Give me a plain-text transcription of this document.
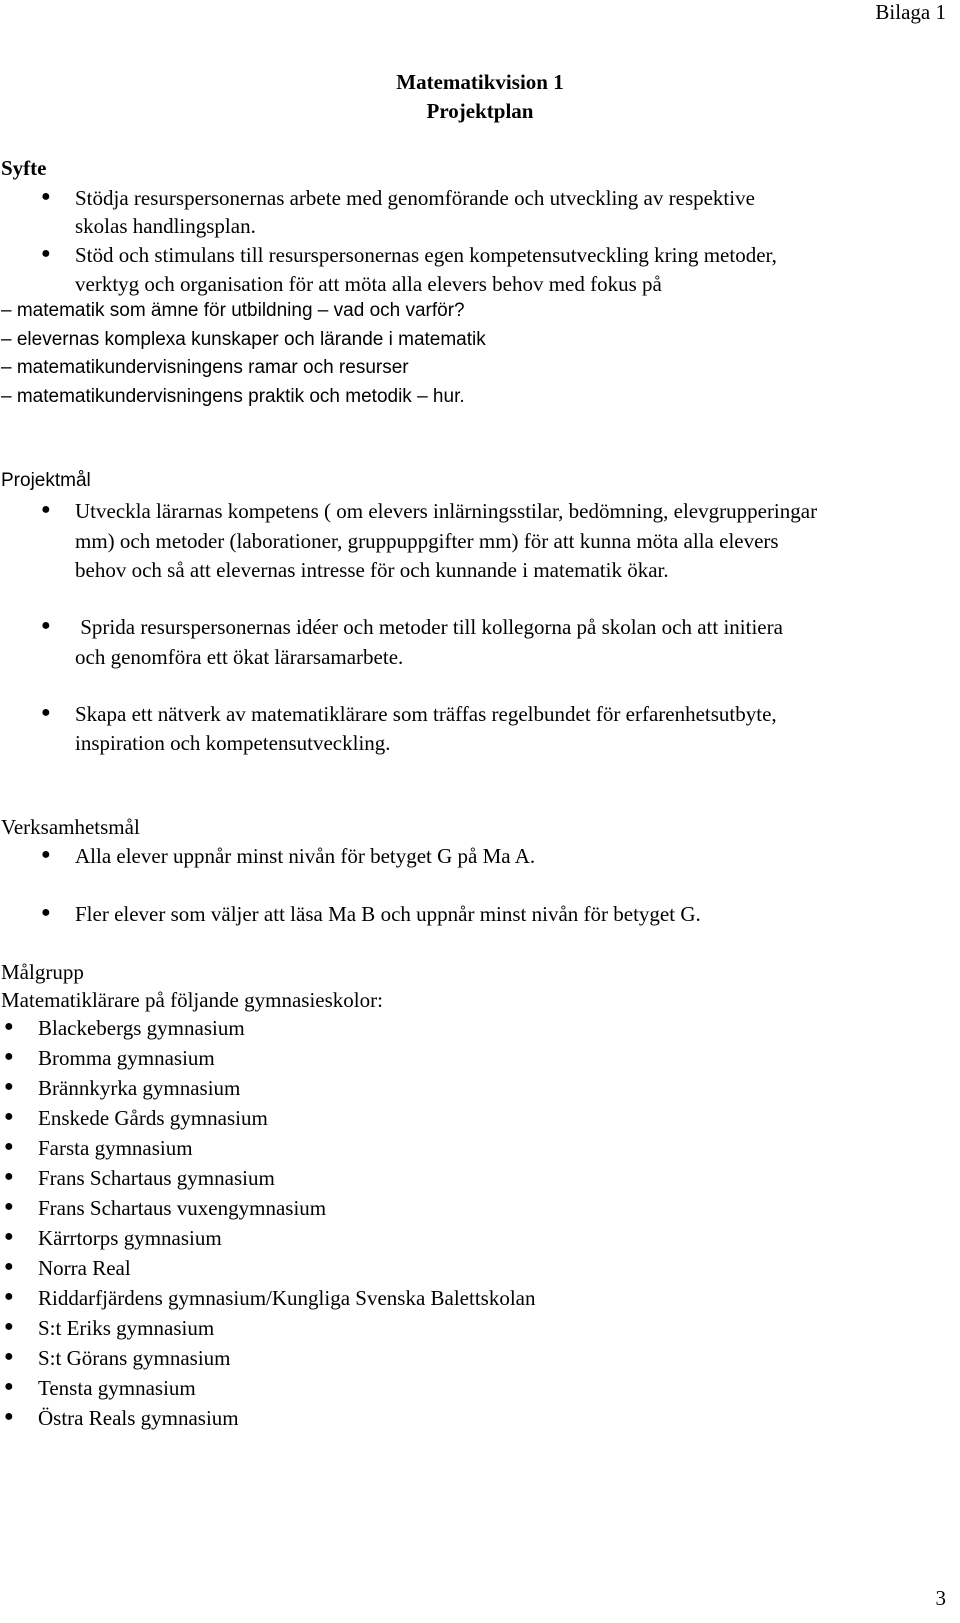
Bilaga 1
Matematikvision 1
Projektplan
Syfte
● Stödja resurspersonernas arbete med genomförande och utveckling av respektive
skolas handlingsplan.
● Stöd och stimulans till resurspersonernas egen kompetensutveckling kring metoder,
verktyg och organisation för att möta alla elevers behov med fokus på
– matematik som ämne för utbildning – vad och varför?
– elevernas komplexa kunskaper och lärande i matematik
– matematikundervisningens ramar och resurser
– matematikundervisningens praktik och metodik – hur.
Projektmål
● Utveckla lärarnas kompetens ( om elevers inlärningsstilar, bedömning, elevgrupperingar
mm) och metoder (laborationer, gruppuppgifter mm) för att kunna möta alla elevers
behov och så att elevernas intresse för och kunnande i matematik ökar.
● Sprida resurspersonernas idéer och metoder till kollegorna på skolan och att initiera
och genomföra ett ökat lärarsamarbete.
● Skapa ett nätverk av matematiklärare som träffas regelbundet för erfarenhetsutbyte,
inspiration och kompetensutveckling.
Verksamhetsmål
● Alla elever uppnår minst nivån för betyget G på Ma A.
● Fler elever som väljer att läsa Ma B och uppnår minst nivån för betyget G.
Målgrupp
Matematiklärare på följande gymnasieskolor:
● Blackebergs gymnasium
● Bromma gymnasium
● Brännkyrka gymnasium
● Enskede Gårds gymnasium
● Farsta gymnasium
● Frans Schartaus gymnasium
● Frans Schartaus vuxengymnasium
● Kärrtorps gymnasium
● Norra Real
● Riddarfjärdens gymnasium/Kungliga Svenska Balettskolan
● S:t Eriks gymnasium
● S:t Görans gymnasium
● Tensta gymnasium
● Östra Reals gymnasium
3
